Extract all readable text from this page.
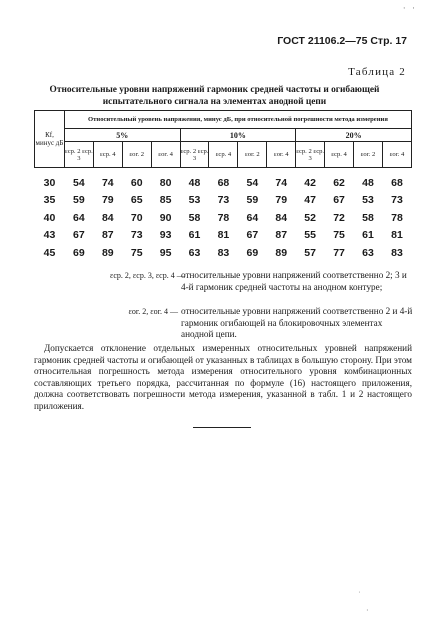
· ·
ГОСТ 21106.2—75 Стр. 17
Таблица 2
Относительные уровни напряжений гармоник средней частоты и огибающей испытательного сигнала на элементах анодной цепи
Кf, минус дБ	Относительный уровень напряжения, минус дБ, при относительной погрешности метода измерения											
	5%				10%				20%			
	εср. 2 εср. 3	εср. 4	εог. 2	εог. 4	εср. 2 εср. 3	εср. 4	εог. 2	εог. 4	εср. 2 εср. 3	εср. 4	εог. 2	εог. 4
30	54	74	60	80	48	68	54	74	42	62	48	68
35	59	79	65	85	53	73	59	79	47	67	53	73
40	64	84	70	90	58	78	64	84	52	72	58	78
43	67	87	73	93	61	81	67	87	55	75	61	81
45	69	89	75	95	63	83	69	89	57	77	63	83
εср. 2, εср. 3, εср. 4 —
относительные уровни напряжений соответственно 2; 3 и 4-й гармоник средней частоты на анодном контуре;
εог. 2, εог. 4 — относительные уровни напряжений соответственно 2 и 4-й гармоник огибающей на блокировочных элементах анодной цепи.
Допускается отклонение отдельных измеренных относительных уровней напряжений гармоник средней частоты и огибающей от указанных в таблицах в большую сторону. При этом относительная погрешность метода измерения относительного уровня комбинационных составляющих третьего порядка, рассчитанная по формуле (16) настоящего приложения, должна соответствовать погрешности метода измерения, указанной в табл. 1 и 2 настоящего приложения.
˙
·
